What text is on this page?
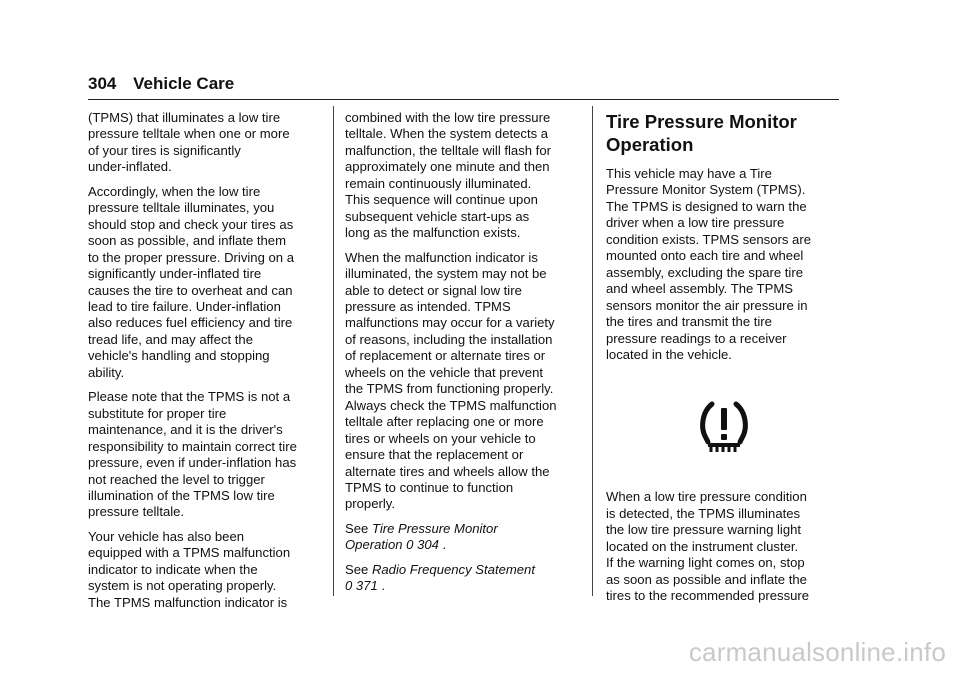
304 Vehicle Care

(TPMS) that illuminates a low tire
pressure telltale when one or more
of your tires is significantly
under-inflated.

Accordingly, when the low tire
pressure telltale illuminates, you
should stop and check your tires as
soon as possible, and inflate them
to the proper pressure. Driving on a
significantly under-inflated tire
causes the tire to overheat and can
lead to tire failure. Under-inflation
also reduces fuel efficiency and tire
tread life, and may affect the
vehicle's handling and stopping
ability.

Please note that the TPMS is not a
substitute for proper tire
maintenance, and it is the driver's
responsibility to maintain correct tire
pressure, even if under-inflation has
not reached the level to trigger
illumination of the TPMS low tire
pressure telltale.

Your vehicle has also been
equipped with a TPMS malfunction
indicator to indicate when the
system is not operating properly.
The TPMS malfunction indicator is

combined with the low tire pressure
telltale. When the system detects a
malfunction, the telltale will flash for
approximately one minute and then
remain continuously illuminated.
This sequence will continue upon
subsequent vehicle start-ups as
long as the malfunction exists.

When the malfunction indicator is
illuminated, the system may not be
able to detect or signal low tire
pressure as intended. TPMS
malfunctions may occur for a variety
of reasons, including the installation
of replacement or alternate tires or
wheels on the vehicle that prevent
the TPMS from functioning properly.
Always check the TPMS malfunction
telltale after replacing one or more
tires or wheels on your vehicle to
ensure that the replacement or
alternate tires and wheels allow the
TPMS to continue to function
properly.

See Tire Pressure Monitor
Operation 0 304 .

See Radio Frequency Statement
0 371 .

Tire Pressure Monitor
Operation

This vehicle may have a Tire
Pressure Monitor System (TPMS).
The TPMS is designed to warn the
driver when a low tire pressure
condition exists. TPMS sensors are
mounted onto each tire and wheel
assembly, excluding the spare tire
and wheel assembly. The TPMS
sensors monitor the air pressure in
the tires and transmit the tire
pressure readings to a receiver
located in the vehicle.

When a low tire pressure condition
is detected, the TPMS illuminates
the low tire pressure warning light
located on the instrument cluster.
If the warning light comes on, stop
as soon as possible and inflate the
tires to the recommended pressure

carmanualsonline.info
